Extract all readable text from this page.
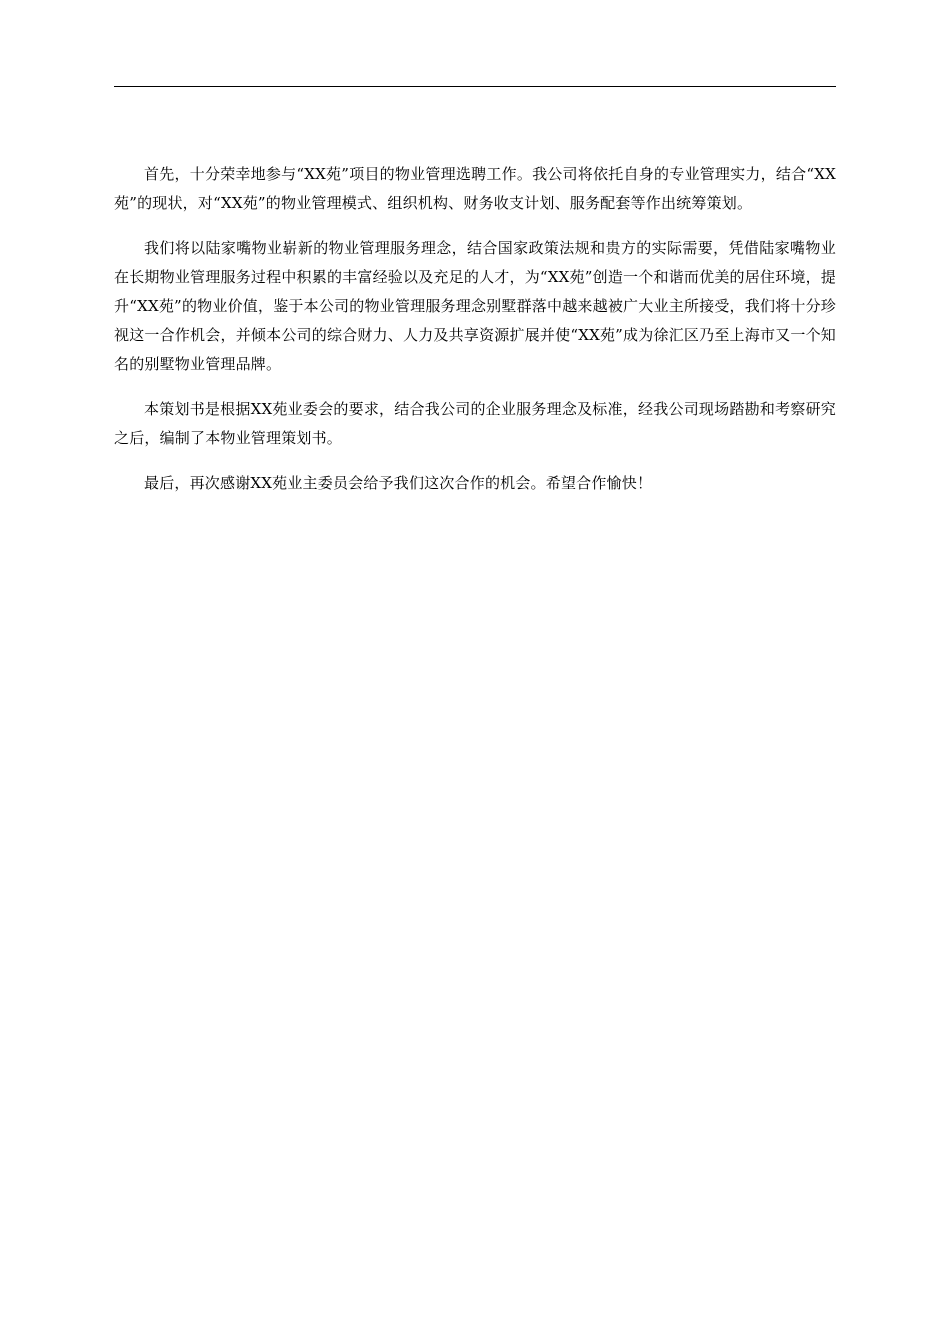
首先，十分荣幸地参与“XX苑”项目的物业管理选聘工作。我公司将依托自身的专业管理实力，结合“XX苑”的现状，对“XX苑”的物业管理模式、组织机构、财务收支计划、服务配套等作出统筹策划。

我们将以陆家嘴物业崭新的物业管理服务理念，结合国家政策法规和贵方的实际需要，凭借陆家嘴物业在长期物业管理服务过程中积累的丰富经验以及充足的人才，为“XX苑”创造一个和谐而优美的居住环境，提升“XX苑”的物业价值，鉴于本公司的物业管理服务理念别墅群落中越来越被广大业主所接受，我们将十分珍视这一合作机会，并倾本公司的综合财力、人力及共享资源扩展并使“XX苑”成为徐汇区乃至上海市又一个知名的别墅物业管理品牌。

本策划书是根据XX苑业委会的要求，结合我公司的企业服务理念及标准，经我公司现场踏勘和考察研究之后，编制了本物业管理策划书。

最后，再次感谢XX苑业主委员会给予我们这次合作的机会。希望合作愉快！
